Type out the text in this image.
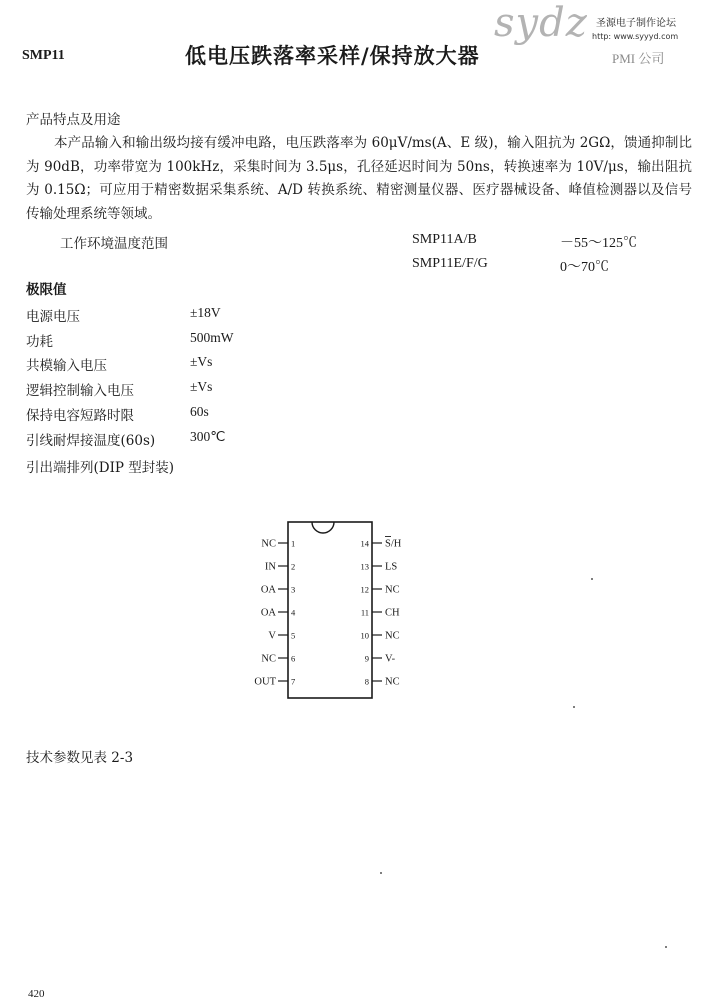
SMP11	低电压跌落率采样/保持放大器
sydz 圣源电子制作论坛
http: www.syyyd.com
PMI 公司
产品特点及用途
本产品输入和输出级均接有缓冲电路，电压跌落率为 60μV/ms(A、E 级)，输入阻抗为 2GΩ，馈通抑制比为 90dB，功率带宽为 100kHz，采集时间为 3.5μs，孔径延迟时间为 50ns，转换速率为 10V/μs，输出阻抗为 0.15Ω；可应用于精密数据采集系统、A/D 转换系统、精密测量仪器、医疗器械设备、峰值检测器以及信号传输处理系统等领域。
工作环境温度范围	SMP11A/B	－55～125℃
SMP11E/F/G	0～70℃
极限值
电源电压	±18V
功耗	500mW
共模输入电压	±Vs
逻辑控制输入电压	±Vs
保持电容短路时限	60s
引线耐焊接温度(60s)	300℃
引出端排列(DIP 型封装)
NC 1
IN 2
OA 3
OA 4
V 5
NC 6
OUT 7
14 S/H
13 LS
12 NC
11 CH
10 NC
9 V-
8 NC
技术参数见表 2-3
420
